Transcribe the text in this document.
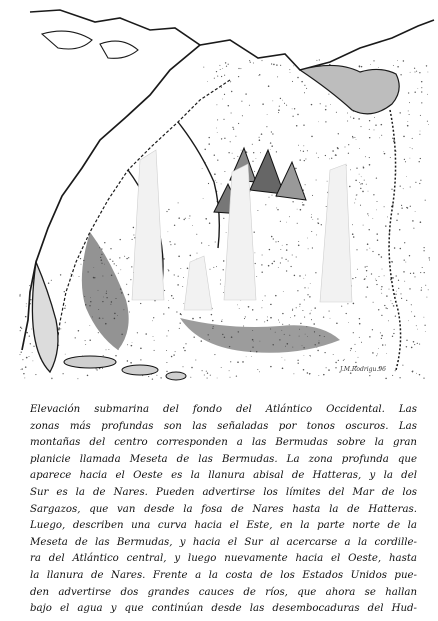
J.M.Rodrigu.96

Elevación submarina del fondo del Atlántico Occidental. Las
zonas más profundas son las señaladas por tonos oscuros. Las
montañas del centro corresponden a las Bermudas sobre la gran
planicie llamada Meseta de las Bermudas. La zona profunda que
aparece hacia el Oeste es la llanura abisal de Hatteras, y la del
Sur es la de Nares. Pueden advertirse los límites del Mar de los
Sargazos, que van desde la fosa de Nares hasta la de Hatteras.
Luego, describen una curva hacia el Este, en la parte norte de la
Meseta de las Bermudas, y hacia el Sur al acercarse a la cordille-
ra del Atlántico central, y luego nuevamente hacia el Oeste, hasta
la llanura de Nares. Frente a la costa de los Estados Unidos pue-
den advertirse dos grandes cauces de ríos, que ahora se hallan
bajo el agua y que continúan desde las desembocaduras del Hud-
